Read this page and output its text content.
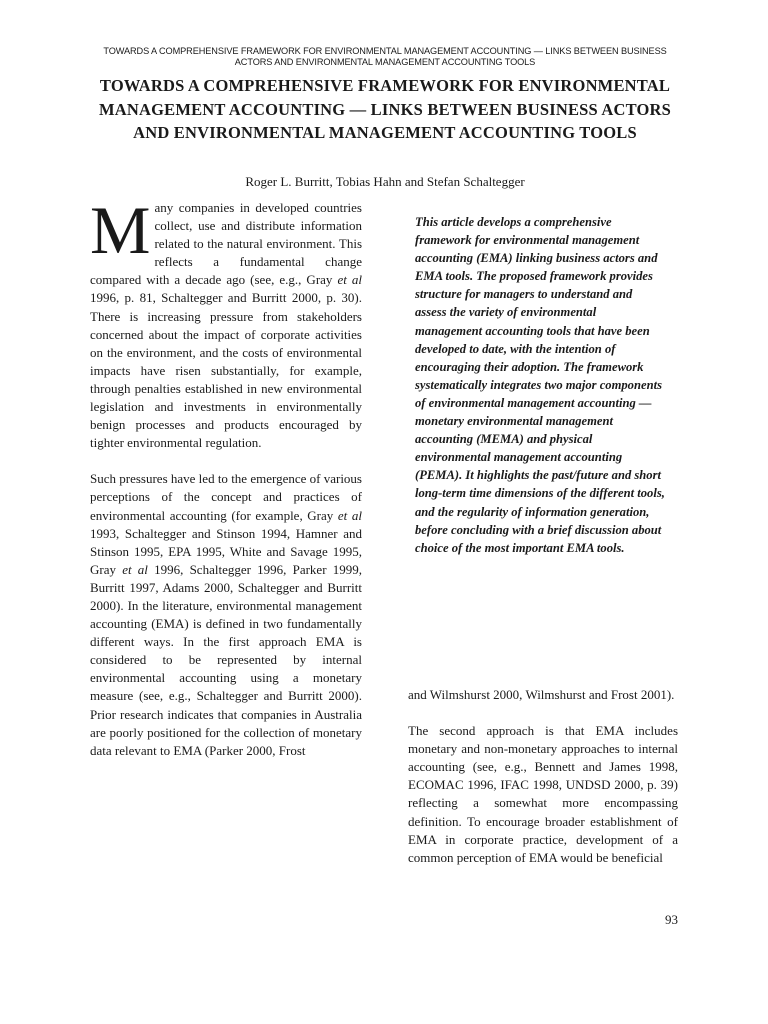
TOWARDS A COMPREHENSIVE FRAMEWORK FOR ENVIRONMENTAL MANAGEMENT ACCOUNTING — LINKS BETWEEN BUSINESS ACTORS AND ENVIRONMENTAL MANAGEMENT ACCOUNTING TOOLS
TOWARDS A COMPREHENSIVE FRAMEWORK FOR ENVIRONMENTAL MANAGEMENT ACCOUNTING — LINKS BETWEEN BUSINESS ACTORS AND ENVIRONMENTAL MANAGEMENT ACCOUNTING TOOLS
Roger L. Burritt, Tobias Hahn and Stefan Schaltegger

Many companies in developed countries collect, use and distribute information related to the natural environment. This reflects a fundamental change compared with a decade ago (see, e.g., Gray et al 1996, p. 81, Schaltegger and Burritt 2000, p. 30). There is increasing pressure from stakeholders concerned about the impact of corporate activities on the environment, and the costs of environmental impacts have risen substantially, for example, through penalties established in new environmental legislation and investments in environmentally benign processes and products encouraged by tighter environmental regulation.

Such pressures have led to the emergence of various perceptions of the concept and practices of environmental accounting (for example, Gray et al 1993, Schaltegger and Stinson 1994, Hamner and Stinson 1995, EPA 1995, White and Savage 1995, Gray et al 1996, Schaltegger 1996, Parker 1999, Burritt 1997, Adams 2000, Schaltegger and Burritt 2000). In the literature, environmental management accounting (EMA) is defined in two fundamentally different ways. In the first approach EMA is considered to be represented by internal environmental accounting using a monetary measure (see, e.g., Schaltegger and Burritt 2000). Prior research indicates that companies in Australia are poorly positioned for the collection of monetary data relevant to EMA (Parker 2000, Frost

This article develops a comprehensive framework for environmental management accounting (EMA) linking business actors and EMA tools. The proposed framework provides structure for managers to understand and assess the variety of environmental management accounting tools that have been developed to date, with the intention of encouraging their adoption. The framework systematically integrates two major components of environmental management accounting — monetary environmental management accounting (MEMA) and physical environmental management accounting (PEMA). It highlights the past/future and short long-term time dimensions of the different tools, and the regularity of information generation, before concluding with a brief discussion about choice of the most important EMA tools.

and Wilmshurst 2000, Wilmshurst and Frost 2001).

The second approach is that EMA includes monetary and non-monetary approaches to internal accounting (see, e.g., Bennett and James 1998, ECOMAC 1996, IFAC 1998, UNDSD 2000, p. 39) reflecting a somewhat more encompassing definition. To encourage broader establishment of EMA in corporate practice, development of a common perception of EMA would be beneficial

93
